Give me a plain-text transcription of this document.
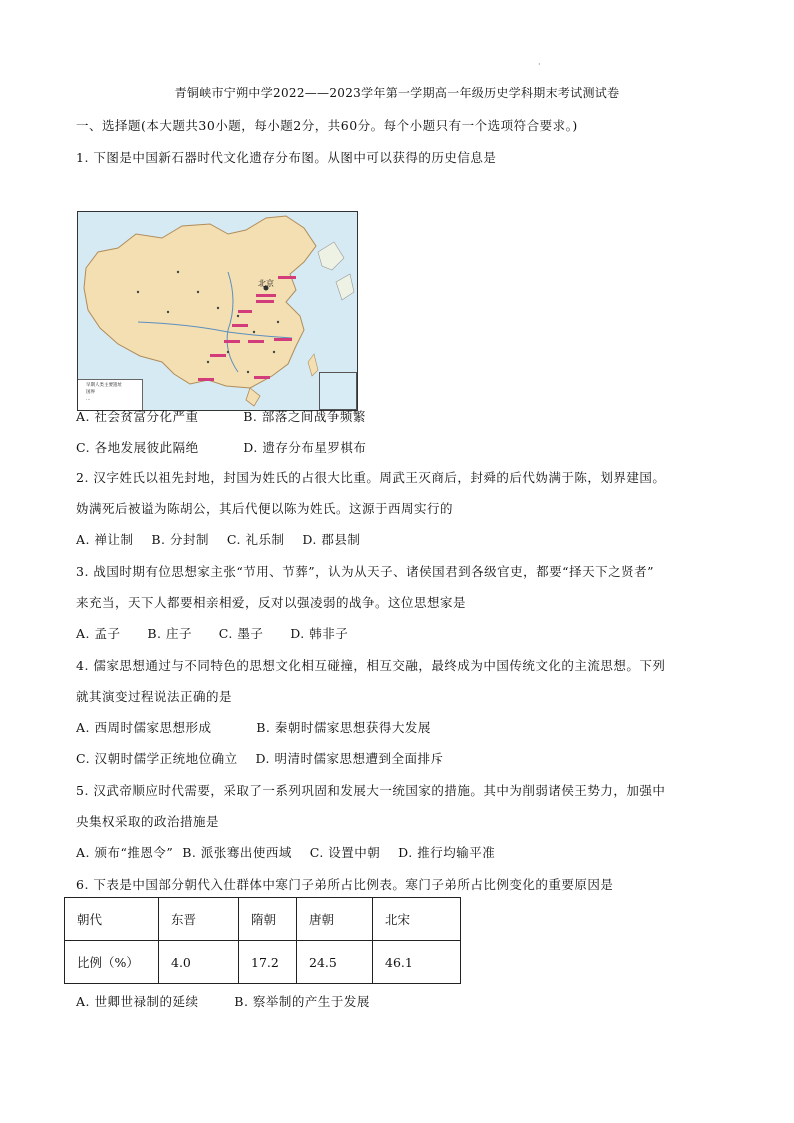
·
青铜峡市宁朔中学2022——2023学年第一学期高一年级历史学科期末考试测试卷
一、选择题(本大题共30小题，每小题2分，共60分。每个小题只有一个选项符合要求。)
1. 下图是中国新石器时代文化遗存分布图。从图中可以获得的历史信息是
北京
早期人类主要遗址
国界
…
A. 社会贫富分化严重          B. 部落之间战争频繁
C. 各地发展彼此隔绝          D. 遗存分布星罗棋布
2. 汉字姓氏以祖先封地，封国为姓氏的占很大比重。周武王灭商后，封舜的后代妫满于陈，划界建国。
妫满死后被谥为陈胡公，其后代便以陈为姓氏。这源于西周实行的
A. 禅让制    B. 分封制    C. 礼乐制    D. 郡县制
3. 战国时期有位思想家主张“节用、节葬”，认为从天子、诸侯国君到各级官吏，都要“择天下之贤者”
来充当，天下人都要相亲相爱，反对以强凌弱的战争。这位思想家是
A. 孟子      B. 庄子      C. 墨子      D. 韩非子
4. 儒家思想通过与不同特色的思想文化相互碰撞，相互交融，最终成为中国传统文化的主流思想。下列
就其演变过程说法正确的是
A. 西周时儒家思想形成          B. 秦朝时儒家思想获得大发展
C. 汉朝时儒学正统地位确立    D. 明清时儒家思想遭到全面排斥
5. 汉武帝顺应时代需要，采取了一系列巩固和发展大一统国家的措施。其中为削弱诸侯王势力，加强中
央集权采取的政治措施是
A. 颁布“推恩令”  B. 派张骞出使西域    C. 设置中朝    D. 推行均输平准
6. 下表是中国部分朝代入仕群体中寒门子弟所占比例表。寒门子弟所占比例变化的重要原因是
朝代	东晋	隋朝	唐朝	北宋
比例（%）	4.0	17.2	24.5	46.1
A. 世卿世禄制的延续        B. 察举制的产生于发展
